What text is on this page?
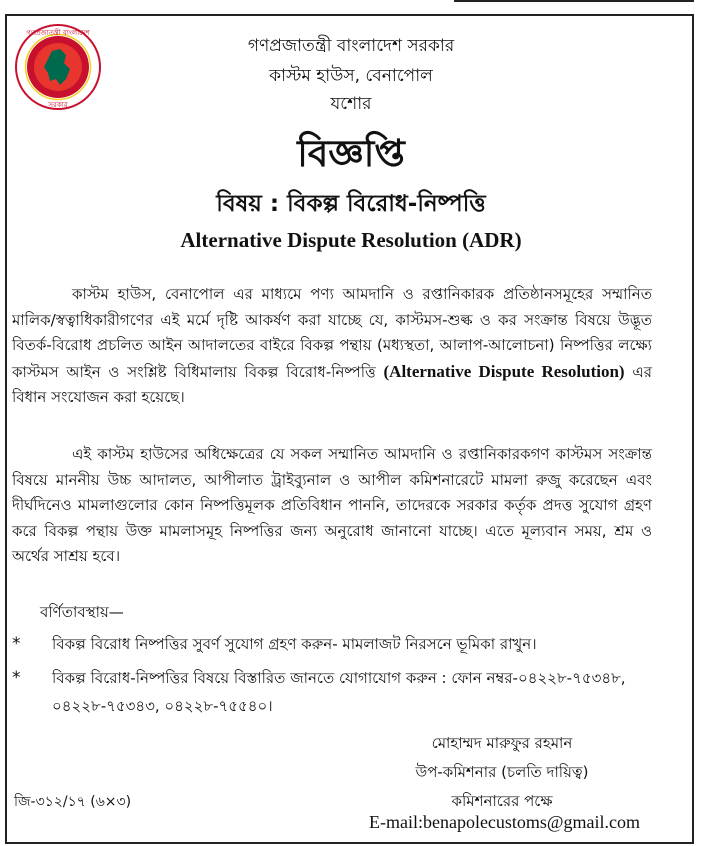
গণপ্রজাতন্ত্রী বাংলাদেশ
সরকার
গণপ্রজাতন্ত্রী বাংলাদেশ সরকার
কাস্টম হাউস, বেনাপোল
যশোর
বিজ্ঞপ্তি
বিষয় : বিকল্প বিরোধ-নিষ্পত্তি
Alternative Dispute Resolution (ADR)
কাস্টম হাউস, বেনাপোল এর মাধ্যমে পণ্য আমদানি ও রপ্তানিকারক প্রতিষ্ঠানসমূহের সম্মানিত মালিক/স্বত্বাধিকারীগণের এই মর্মে দৃষ্টি আকর্ষণ করা যাচ্ছে যে, কাস্টমস-শুল্ক ও কর সংক্রান্ত বিষয়ে উদ্ভূত বিতর্ক-বিরোধ প্রচলিত আইন আদালতের বাইরে বিকল্প পন্থায় (মধ্যস্থতা, আলাপ-আলোচনা) নিষ্পত্তির লক্ষ্যে কাস্টমস আইন ও সংশ্লিষ্ট বিধিমালায় বিকল্প বিরোধ-নিষ্পত্তি (Alternative Dispute Resolution) এর বিধান সংযোজন করা হয়েছে।
এই কাস্টম হাউসের অধিক্ষেত্রের যে সকল সম্মানিত আমদানি ও রপ্তানিকারকগণ কাস্টমস সংক্রান্ত বিষয়ে মাননীয় উচ্চ আদালত, আপীলাত ট্রাইব্যুনাল ও আপীল কমিশনারেটে মামলা রুজু করেছেন এবং দীর্ঘদিনেও মামলাগুলোর কোন নিষ্পত্তিমূলক প্রতিবিধান পাননি, তাদেরকে সরকার কর্তৃক প্রদত্ত সুযোগ গ্রহণ করে বিকল্প পন্থায় উক্ত মামলাসমূহ নিষ্পত্তির জন্য অনুরোধ জানানো যাচ্ছে। এতে মূল্যবান সময়, শ্রম ও অর্থের সাশ্রয় হবে।
বর্ণিতাবস্থায়—
* বিকল্প বিরোধ নিষ্পত্তির সুবর্ণ সুযোগ গ্রহণ করুন- মামলাজট নিরসনে ভূমিকা রাখুন।
* বিকল্প বিরোধ-নিষ্পত্তির বিষয়ে বিস্তারিত জানতে যোগাযোগ করুন : ফোন নম্বর-০৪২২৮-৭৫৩৪৮, ০৪২২৮-৭৫৩৪৩, ০৪২২৮-৭৫৫৪০।
মোহাম্মদ মারুফুর রহমান
উপ-কমিশনার (চলতি দায়িত্ব)
কমিশনারের পক্ষে
জি-৩১২/১৭ (৬×৩)
E-mail:benapolecustoms@gmail.com
